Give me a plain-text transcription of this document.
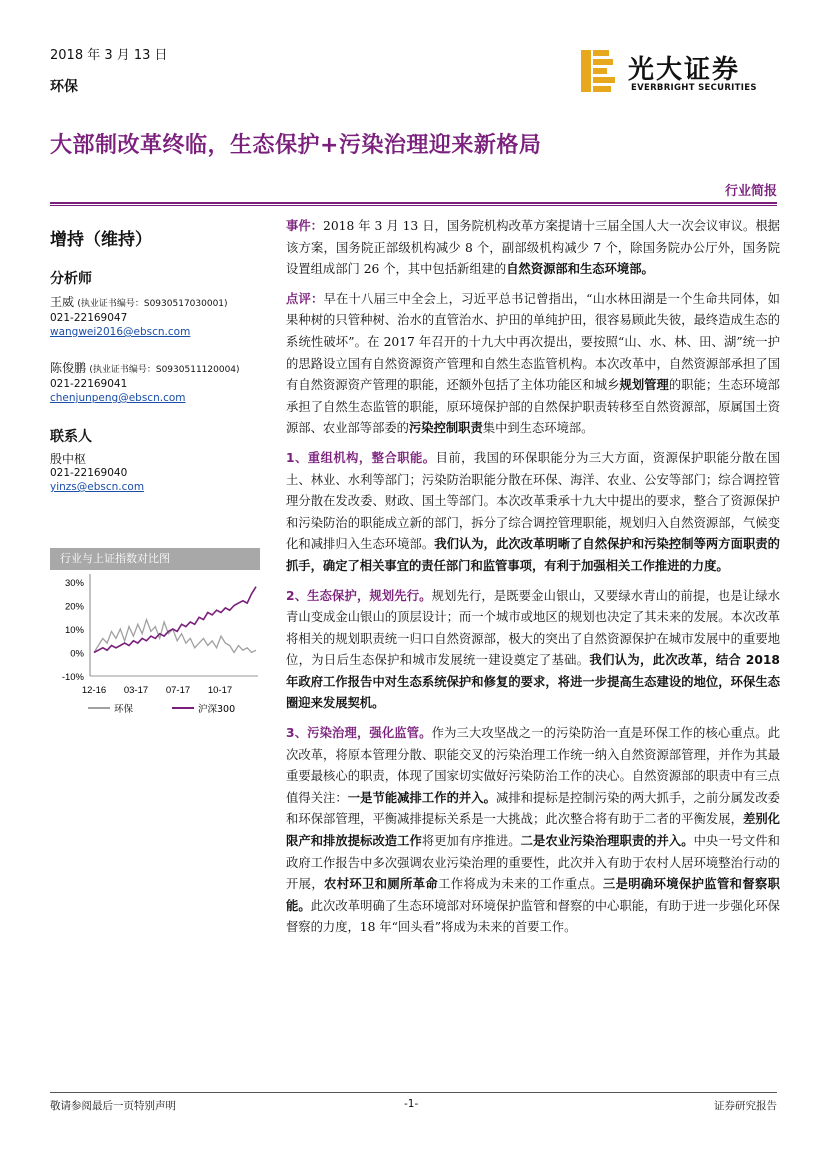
2018 年 3 月 13 日
环保
光大证券
EVERBRIGHT SECURITIES
大部制改革终临，生态保护+污染治理迎来新格局
行业简报
增持（维持）
分析师
王威 (执业证书编号：S0930517030001)
021-22169047
wangwei2016@ebscn.com
陈俊鹏 (执业证书编号：S0930511120004)
021-22169041
chenjunpeng@ebscn.com
联系人
殷中枢
021-22169040
yinzs@ebscn.com
行业与上证指数对比图
30%
20%
10%
0%
-10%
12-16 03-17 07-17 10-17
环保	沪深300

事件：2018 年 3 月 13 日，国务院机构改革方案提请十三届全国人大一次会议审议。根据该方案，国务院正部级机构减少 8 个，副部级机构减少 7 个，除国务院办公厅外，国务院设置组成部门 26 个，其中包括新组建的自然资源部和生态环境部。

点评：早在十八届三中全会上，习近平总书记曾指出，“山水林田湖是一个生命共同体，如果种树的只管种树、治水的直管治水、护田的单纯护田，很容易顾此失彼，最终造成生态的系统性破坏”。在 2017 年召开的十九大中再次提出，要按照“山、水、林、田、湖”统一护的思路设立国有自然资源资产管理和自然生态监管机构。本次改革中，自然资源部承担了国有自然资源资产管理的职能，还额外包括了主体功能区和城乡规划管理的职能；生态环境部承担了自然生态监管的职能，原环境保护部的自然保护职责转移至自然资源部，原属国土资源部、农业部等部委的污染控制职责集中到生态环境部。

1、重组机构，整合职能。目前，我国的环保职能分为三大方面，资源保护职能分散在国土、林业、水利等部门；污染防治职能分散在环保、海洋、农业、公安等部门；综合调控管理分散在发改委、财政、国土等部门。本次改革秉承十九大中提出的要求，整合了资源保护和污染防治的职能成立新的部门，拆分了综合调控管理职能，规划归入自然资源部，气候变化和减排归入生态环境部。我们认为，此次改革明晰了自然保护和污染控制等两方面职责的抓手，确定了相关事宜的责任部门和监管事项，有利于加强相关工作推进的力度。

2、生态保护，规划先行。规划先行，是既要金山银山，又要绿水青山的前提，也是让绿水青山变成金山银山的顶层设计；而一个城市或地区的规划也决定了其未来的发展。本次改革将相关的规划职责统一归口自然资源部，极大的突出了自然资源保护在城市发展中的重要地位，为日后生态保护和城市发展统一建设奠定了基础。我们认为，此次改革，结合 2018 年政府工作报告中对生态系统保护和修复的要求，将进一步提高生态建设的地位，环保生态圈迎来发展契机。

3、污染治理，强化监管。作为三大攻坚战之一的污染防治一直是环保工作的核心重点。此次改革，将原本管理分散、职能交叉的污染治理工作统一纳入自然资源部管理，并作为其最重要最核心的职责，体现了国家切实做好污染防治工作的决心。自然资源部的职责中有三点值得关注：一是节能减排工作的并入。减排和提标是控制污染的两大抓手，之前分属发改委和环保部管理，平衡减排提标关系是一大挑战；此次整合将有助于二者的平衡发展，差别化限产和排放提标改造工作将更加有序推进。二是农业污染治理职责的并入。中央一号文件和政府工作报告中多次强调农业污染治理的重要性，此次并入有助于农村人居环境整治行动的开展，农村环卫和厕所革命工作将成为未来的工作重点。三是明确环境保护监管和督察职能。此次改革明确了生态环境部对环境保护监管和督察的中心职能，有助于进一步强化环保督察的力度，18 年“回头看”将成为未来的首要工作。

敬请参阅最后一页特别声明	-1-	证券研究报告
